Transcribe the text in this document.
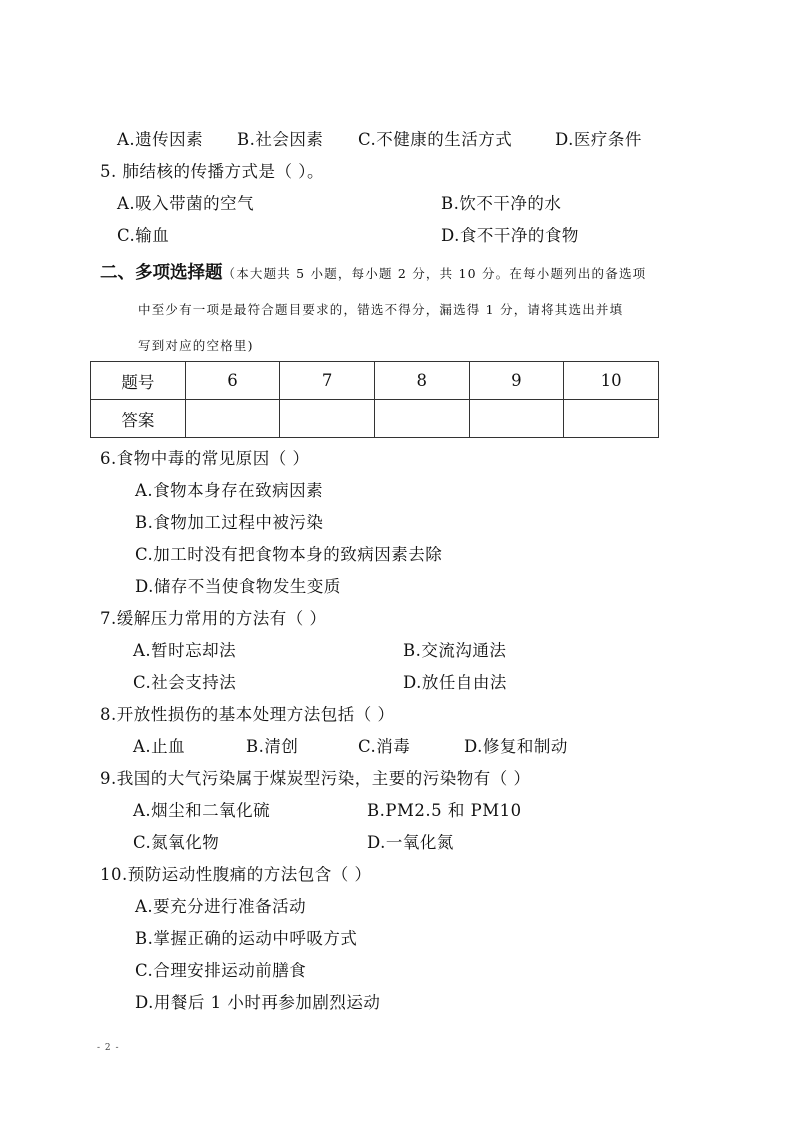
A.遗传因素 B.社会因素 C.不健康的生活方式	D.医疗条件
5. 肺结核的传播方式是（ ）。
A.吸入带菌的空气	B.饮不干净的水
C.输血	D.食不干净的食物
二、多项选择题（本大题共 5 小题，每小题 2 分，共 10 分。在每小题列出的备选项
中至少有一项是最符合题目要求的，错选不得分，漏选得 1 分，请将其选出并填
写到对应的空格里)
题号	6	7	8	9	10
答案					
6.食物中毒的常见原因（ ）
A.食物本身存在致病因素
B.食物加工过程中被污染
C.加工时没有把食物本身的致病因素去除
D.储存不当使食物发生变质
7.缓解压力常用的方法有（ ）
A.暂时忘却法	B.交流沟通法
C.社会支持法	D.放任自由法
8.开放性损伤的基本处理方法包括（ ）
A.止血	B.清创	C.消毒	D.修复和制动
9.我国的大气污染属于煤炭型污染，主要的污染物有（ ）
A.烟尘和二氧化硫	B.PM2.5 和 PM10
C.氮氧化物	D.一氧化氮
10.预防运动性腹痛的方法包含（ ）
A.要充分进行准备活动
B.掌握正确的运动中呼吸方式
C.合理安排运动前膳食
D.用餐后 1 小时再参加剧烈运动
- 2 -
